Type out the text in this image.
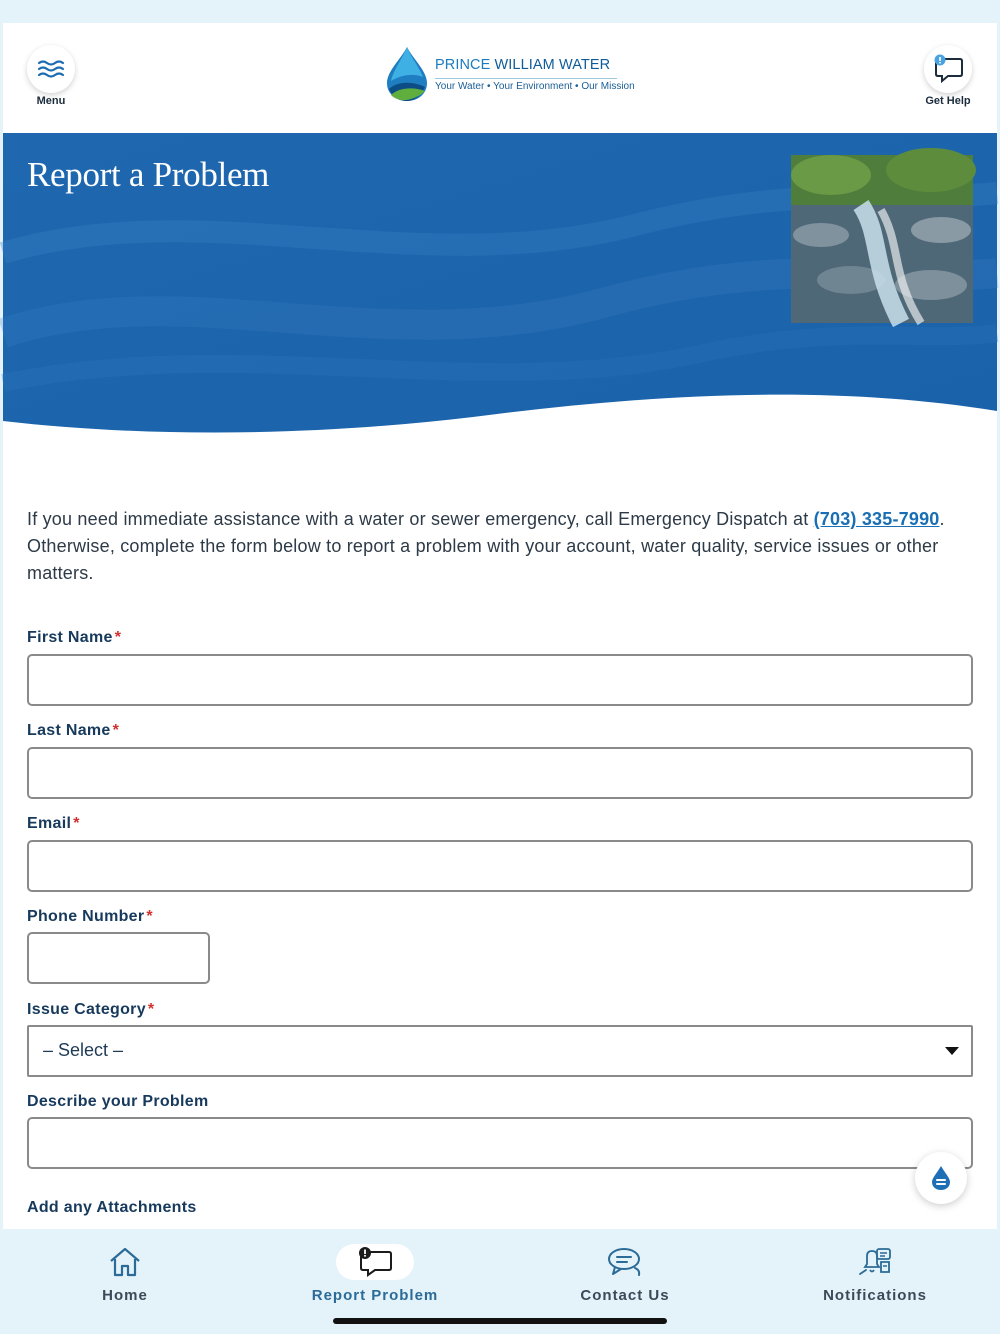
Menu
PRINCE WILLIAM WATER
Your Water • Your Environment • Our Mission
Get Help
Report a Problem

If you need immediate assistance with a water or sewer emergency, call Emergency Dispatch at (703) 335-7990. Otherwise, complete the form below to report a problem with your account, water quality, service issues or other matters.

First Name *
Last Name *
Email *
Phone Number *
Issue Category *
– Select –
Describe your Problem
Add any Attachments
Home	Report Problem	Contact Us	Notifications
